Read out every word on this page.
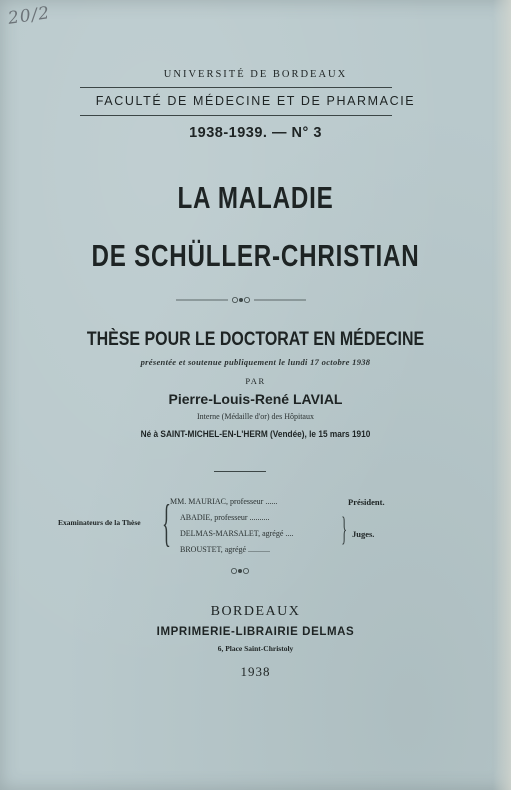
20/2
UNIVERSITÉ DE BORDEAUX
FACULTÉ DE MÉDECINE ET DE PHARMACIE
1938-1939. — N° 3
LA MALADIE
DE SCHÜLLER-CHRISTIAN
THÈSE POUR LE DOCTORAT EN MÉDECINE
présentée et soutenue publiquement le lundi 17 octobre 1938
PAR
Pierre-Louis-René LAVIAL
Interne (Médaille d'or) des Hôpitaux
Né à SAINT-MICHEL-EN-L'HERM (Vendée), le 15 mars 1910
Examinateurs de la Thèse { MM. MAURIAC, professeur ......
ABADIE, professeur ..........
DELMAS-MARSALET, agrégé ....
BROUSTET, agrégé ...........
Président.
} Juges.
BORDEAUX
IMPRIMERIE-LIBRAIRIE DELMAS
6, Place Saint-Christoly
1938
